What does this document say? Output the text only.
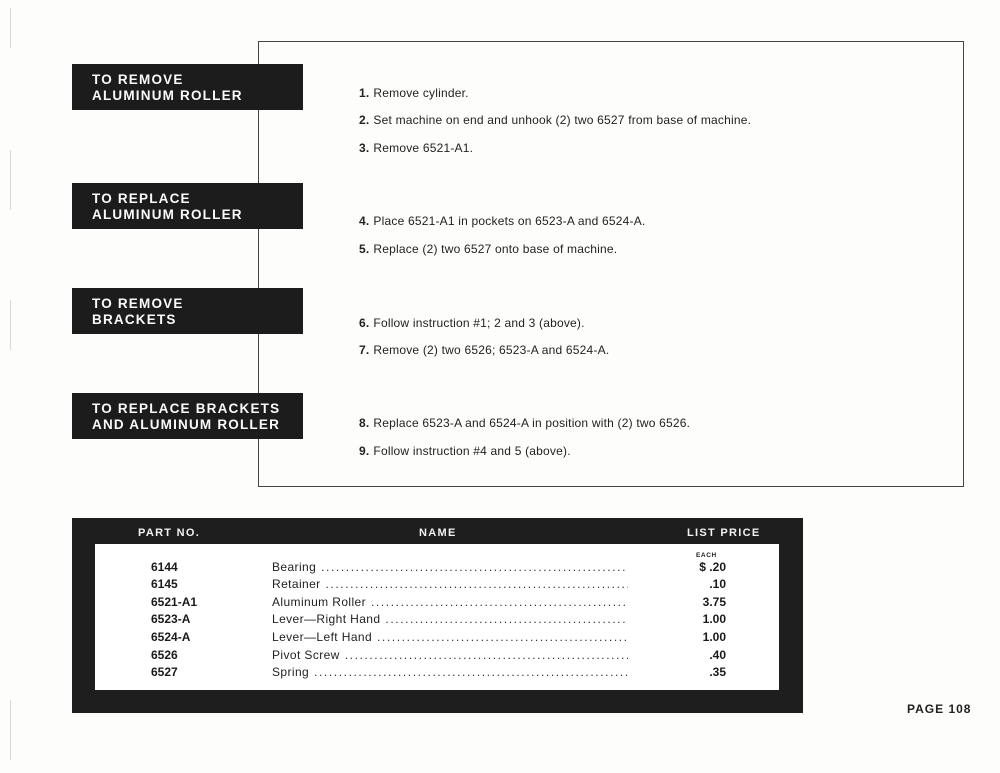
TO REMOVE
ALUMINUM ROLLER
TO REPLACE
ALUMINUM ROLLER
TO REMOVE
BRACKETS
TO REPLACE BRACKETS
AND ALUMINUM ROLLER
1. Remove cylinder.
2. Set machine on end and unhook (2) two 6527 from base of machine.
3. Remove 6521-A1.
4. Place 6521-A1 in pockets on 6523-A and 6524-A.
5. Replace (2) two 6527 onto base of machine.
6. Follow instruction #1; 2 and 3 (above).
7. Remove (2) two 6526; 6523-A and 6524-A.
8. Replace 6523-A and 6524-A in position with (2) two 6526.
9. Follow instruction #4 and 5 (above).
PART NO.	NAME	LIST PRICE
EACH
6144	Bearing .....	$ .20
6145	Retainer .....	.10
6521-A1	Aluminum Roller .....	3.75
6523-A	Lever—Right Hand .....	1.00
6524-A	Lever—Left Hand .....	1.00
6526	Pivot Screw .....	.40
6527	Spring .....	.35
PAGE 108
